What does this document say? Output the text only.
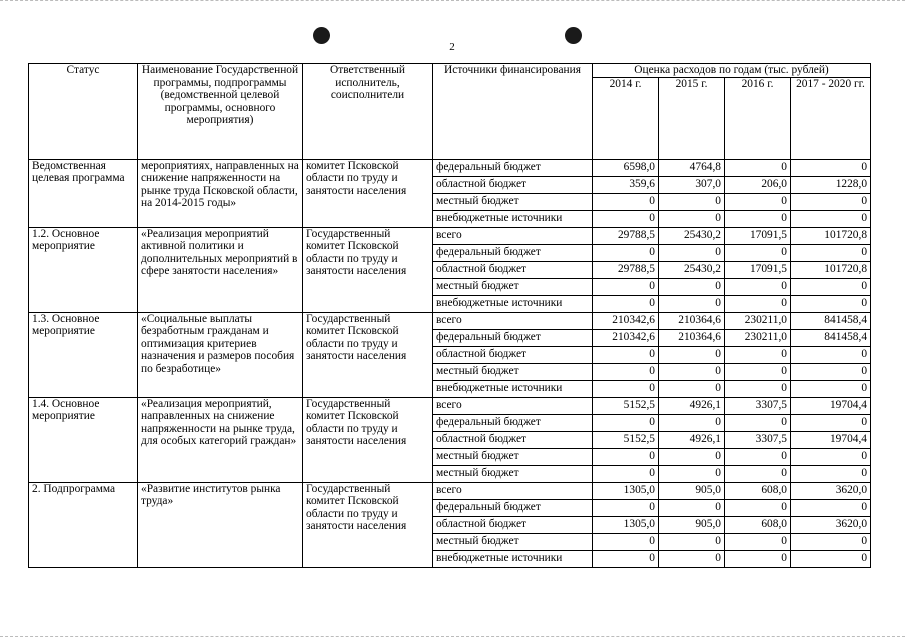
2
Статус	Наименование Государственной программы, подпрограммы (ведомственной целевой программы, основного мероприятия)	Ответственный исполнитель, соисполнители	Источники финансирования	Оценка расходов по годам (тыс. рублей)			
				2014 г.	2015 г.	2016 г.	2017 - 2020 гг.
Ведомственная целевая программа	мероприятиях, направленных на снижение напряженности на рынке труда Псковской области, на 2014-2015 годы»	комитет Псковской области по труду и занятости населения	федеральный бюджет	6598,0	4764,8	0	0
			областной бюджет	359,6	307,0	206,0	1228,0
			местный бюджет	0	0	0	0
			внебюджетные источники	0	0	0	0
1.2. Основное мероприятие	«Реализация мероприятий активной политики и дополнительных мероприятий в сфере занятости населения»	Государственный комитет Псковской области по труду и занятости населения	всего	29788,5	25430,2	17091,5	101720,8
			федеральный бюджет	0	0	0	0
			областной бюджет	29788,5	25430,2	17091,5	101720,8
			местный бюджет	0	0	0	0
			внебюджетные источники	0	0	0	0
1.3. Основное мероприятие	«Социальные выплаты безработным гражданам и оптимизация критериев назначения и размеров пособия по безработице»	Государственный комитет Псковской области по труду и занятости населения	всего	210342,6	210364,6	230211,0	841458,4
			федеральный бюджет	210342,6	210364,6	230211,0	841458,4
			областной бюджет	0	0	0	0
			местный бюджет	0	0	0	0
			внебюджетные источники	0	0	0	0
1.4. Основное мероприятие	«Реализация мероприятий, направленных на снижение напряженности на рынке труда, для особых категорий граждан»	Государственный комитет Псковской области по труду и занятости населения	всего	5152,5	4926,1	3307,5	19704,4
			федеральный бюджет	0	0	0	0
			областной бюджет	5152,5	4926,1	3307,5	19704,4
			местный бюджет	0	0	0	0
			местный бюджет	0	0	0	0
2. Подпрограмма	«Развитие институтов рынка труда»	Государственный комитет Псковской области по труду и занятости населения	всего	1305,0	905,0	608,0	3620,0
			федеральный бюджет	0	0	0	0
			областной бюджет	1305,0	905,0	608,0	3620,0
			местный бюджет	0	0	0	0
			внебюджетные источники	0	0	0	0
